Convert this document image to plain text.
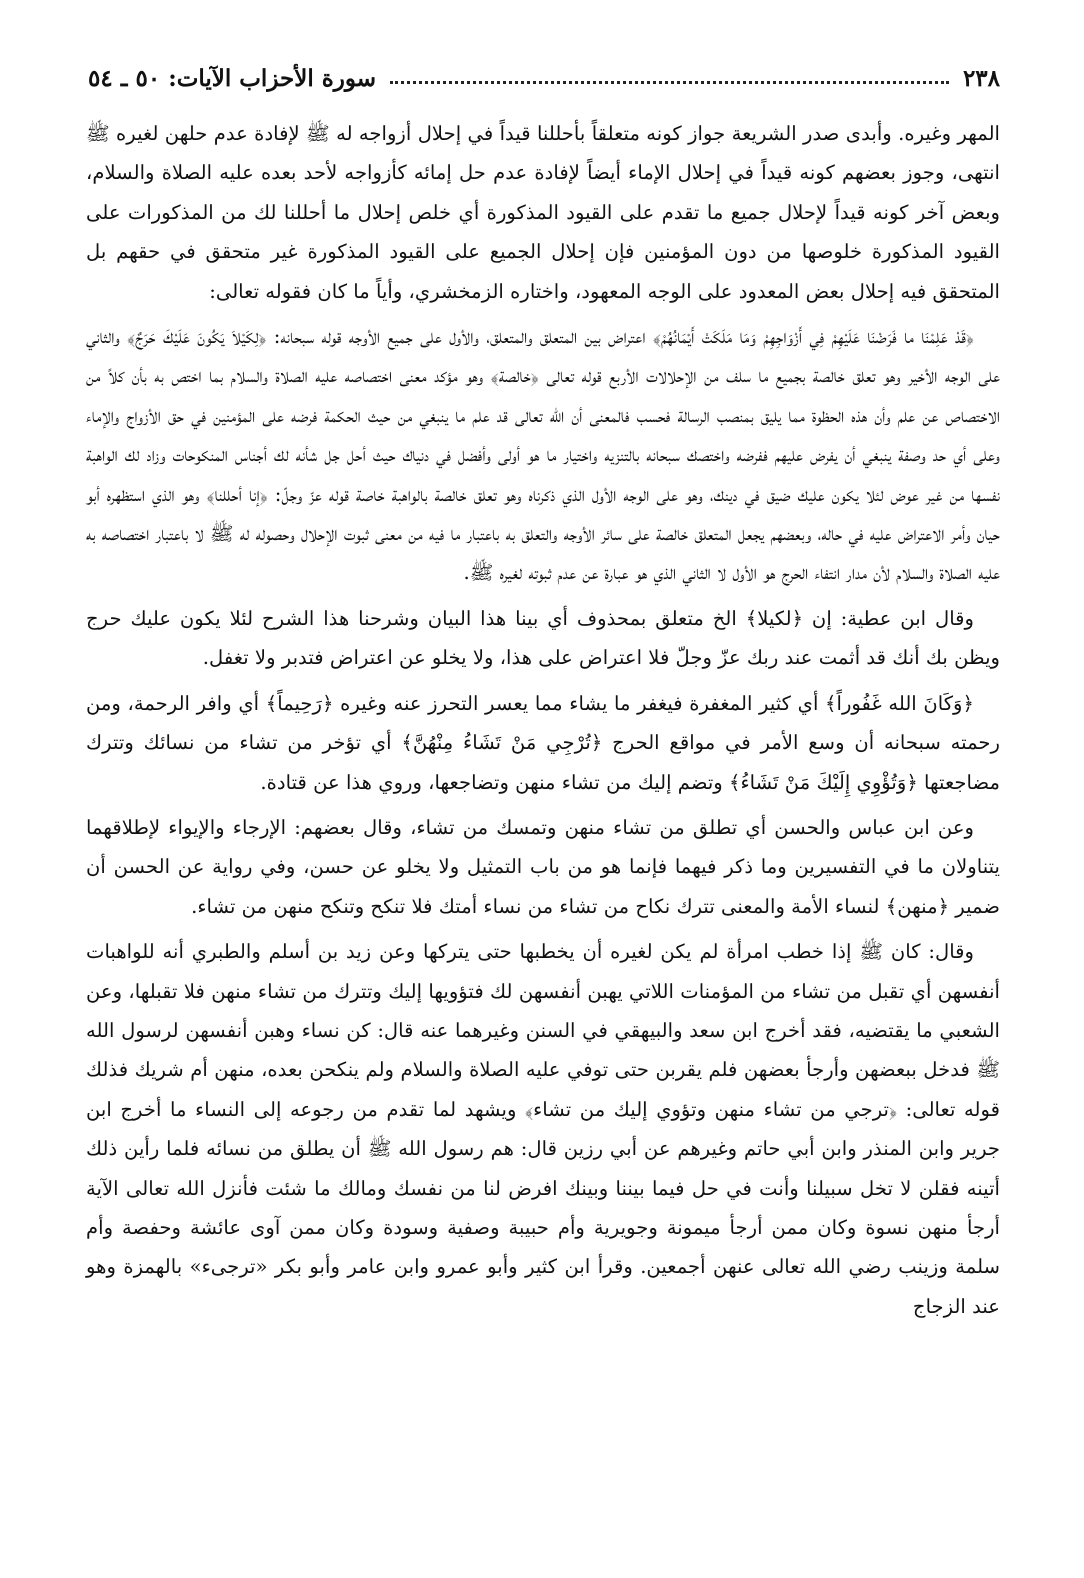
٢٣٨
سورة الأحزاب الآيات: ٥٠ ـ ٥٤

المهر وغيره. وأبدى صدر الشريعة جواز كونه متعلقاً بأحللنا قيداً في إحلال أزواجه له ﷺ لإفادة عدم حلهن لغيره ﷺ انتهى، وجوز بعضهم كونه قيداً في إحلال الإماء أيضاً لإفادة عدم حل إمائه كأزواجه لأحد بعده عليه الصلاة والسلام، وبعض آخر كونه قيداً لإحلال جميع ما تقدم على القيود المذكورة أي خلص إحلال ما أحللنا لك من المذكورات على القيود المذكورة خلوصها من دون المؤمنين فإن إحلال الجميع على القيود المذكورة غير متحقق في حقهم بل المتحقق فيه إحلال بعض المعدود على الوجه المعهود، واختاره الزمخشري، وأياً ما كان فقوله تعالى:

﴿قَدْ عَلِمْنَا ما فَرَضْنَا عَلَيْهِمْ فِي أَزْوَاجِهِمْ وَمَا مَلَكَتْ أَيْمَانُهُمْ﴾ اعتراض بين المتعلق والمتعلق، والأول على جميع الأوجه قوله سبحانه: ﴿لِكَيْلاَ يَكُونَ عَلَيْكَ حَرَجٌ﴾ والثاني على الوجه الأخير وهو تعلق خالصة بجميع ما سلف من الإحلالات الأربع قوله تعالى ﴿خالصة﴾ وهو مؤكد معنى اختصاصه عليه الصلاة والسلام بما اختص به بأن كلاً من الاختصاص عن علم وأن هذه الحظوة مما يليق بمنصب الرسالة فحسب فالمعنى أن الله تعالى قد علم ما ينبغي من حيث الحكمة فرضه على المؤمنين في حق الأزواج والإماء وعلى أي حد وصفة ينبغي أن يفرض عليهم ففرضه واختصك سبحانه بالتنزيه واختيار ما هو أولى وأفضل في دنياك حيث أحل جل شأنه لك أجناس المنكوحات وزاد لك الواهبة نفسها من غير عوض لئلا يكون عليك ضيق في دينك، وهو على الوجه الأول الذي ذكرناه وهو تعلق خالصة بالواهبة خاصة قوله عزّ وجلّ: ﴿إنا أحللنا﴾ وهو الذي استظهره أبو حيان وأمر الاعتراض عليه في حاله، وبعضهم يجعل المتعلق خالصة على سائر الأوجه والتعلق به باعتبار ما فيه من معنى ثبوت الإحلال وحصوله له ﷺ لا باعتبار اختصاصه به عليه الصلاة والسلام لأن مدار انتفاء الحرج هو الأول لا الثاني الذي هو عبارة عن عدم ثبوته لغيره ﷺ.

وقال ابن عطية: إن ﴿لكيلا﴾ الخ متعلق بمحذوف أي بينا هذا البيان وشرحنا هذا الشرح لئلا يكون عليك حرج ويظن بك أنك قد أثمت عند ربك عزّ وجلّ فلا اعتراض على هذا، ولا يخلو عن اعتراض فتدبر ولا تغفل.

﴿وَكَانَ الله غَفُوراً﴾ أي كثير المغفرة فيغفر ما يشاء مما يعسر التحرز عنه وغيره ﴿رَحِيماً﴾ أي وافر الرحمة، ومن رحمته سبحانه أن وسع الأمر في مواقع الحرج ﴿تُرْجِي مَنْ تَشَاءُ مِنْهُنَّ﴾ أي تؤخر من تشاء من نسائك وتترك مضاجعتها ﴿وَتُؤْوِي إِلَيْكَ مَنْ تَشَاءُ﴾ وتضم إليك من تشاء منهن وتضاجعها، وروي هذا عن قتادة.

وعن ابن عباس والحسن أي تطلق من تشاء منهن وتمسك من تشاء، وقال بعضهم: الإرجاء والإيواء لإطلاقهما يتناولان ما في التفسيرين وما ذكر فيهما فإنما هو من باب التمثيل ولا يخلو عن حسن، وفي رواية عن الحسن أن ضمير ﴿منهن﴾ لنساء الأمة والمعنى تترك نكاح من تشاء من نساء أمتك فلا تنكح وتنكح منهن من تشاء.

وقال: كان ﷺ إذا خطب امرأة لم يكن لغيره أن يخطبها حتى يتركها وعن زيد بن أسلم والطبري أنه للواهبات أنفسهن أي تقبل من تشاء من المؤمنات اللاتي يهبن أنفسهن لك فتؤويها إليك وتترك من تشاء منهن فلا تقبلها، وعن الشعبي ما يقتضيه، فقد أخرج ابن سعد والبيهقي في السنن وغيرهما عنه قال: كن نساء وهبن أنفسهن لرسول الله ﷺ فدخل ببعضهن وأرجأ بعضهن فلم يقربن حتى توفي عليه الصلاة والسلام ولم ينكحن بعده، منهن أم شريك فذلك قوله تعالى: ﴿ترجي من تشاء منهن وتؤوي إليك من تشاء﴾ ويشهد لما تقدم من رجوعه إلى النساء ما أخرج ابن جرير وابن المنذر وابن أبي حاتم وغيرهم عن أبي رزين قال: هم رسول الله ﷺ أن يطلق من نسائه فلما رأين ذلك أتينه فقلن لا تخل سبيلنا وأنت في حل فيما بيننا وبينك افرض لنا من نفسك ومالك ما شئت فأنزل الله تعالى الآية أرجأ منهن نسوة وكان ممن أرجأ ميمونة وجويرية وأم حبيبة وصفية وسودة وكان ممن آوى عائشة وحفصة وأم سلمة وزينب رضي الله تعالى عنهن أجمعين. وقرأ ابن كثير وأبو عمرو وابن عامر وأبو بكر «ترجىء» بالهمزة وهو عند الزجاج
